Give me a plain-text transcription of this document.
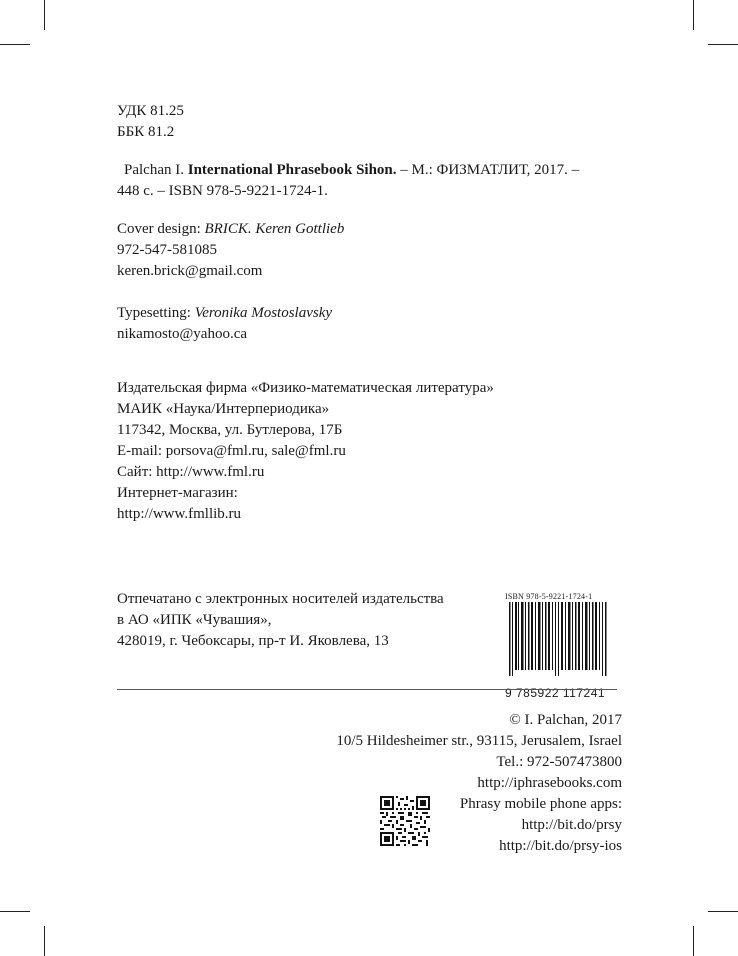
УДК 81.25
ББК 81.2
Palchan I. International Phrasebook Sihon. – М.: ФИЗМАТЛИТ, 2017. –
448 с. – ISBN 978-5-9221-1724-1.
Cover design: BRICK. Keren Gottlieb
972-547-581085
keren.brick@gmail.com
Typesetting: Veronika Mostoslavsky
nikamosto@yahoo.ca
Издательская фирма «Физико-математическая литература»
МАИК «Наука/Интерпериодика»
117342, Москва, ул. Бутлерова, 17Б
E-mail: porsova@fml.ru, sale@fml.ru
Сайт: http://www.fml.ru
Интернет-магазин:
http://www.fmllib.ru
Отпечатано с электронных носителей издательства
в АО «ИПК «Чувашия»,
428019, г. Чебоксары, пр-т И. Яковлева, 13
ISBN 978-5-9221-1724-1
9 785922 117241
© I. Palchan, 2017
10/5 Hildesheimer str., 93115, Jerusalem, Israel
Tel.: 972-507473800
http://iphrasebooks.com
Phrasy mobile phone apps:
http://bit.do/prsy
http://bit.do/prsy-ios
